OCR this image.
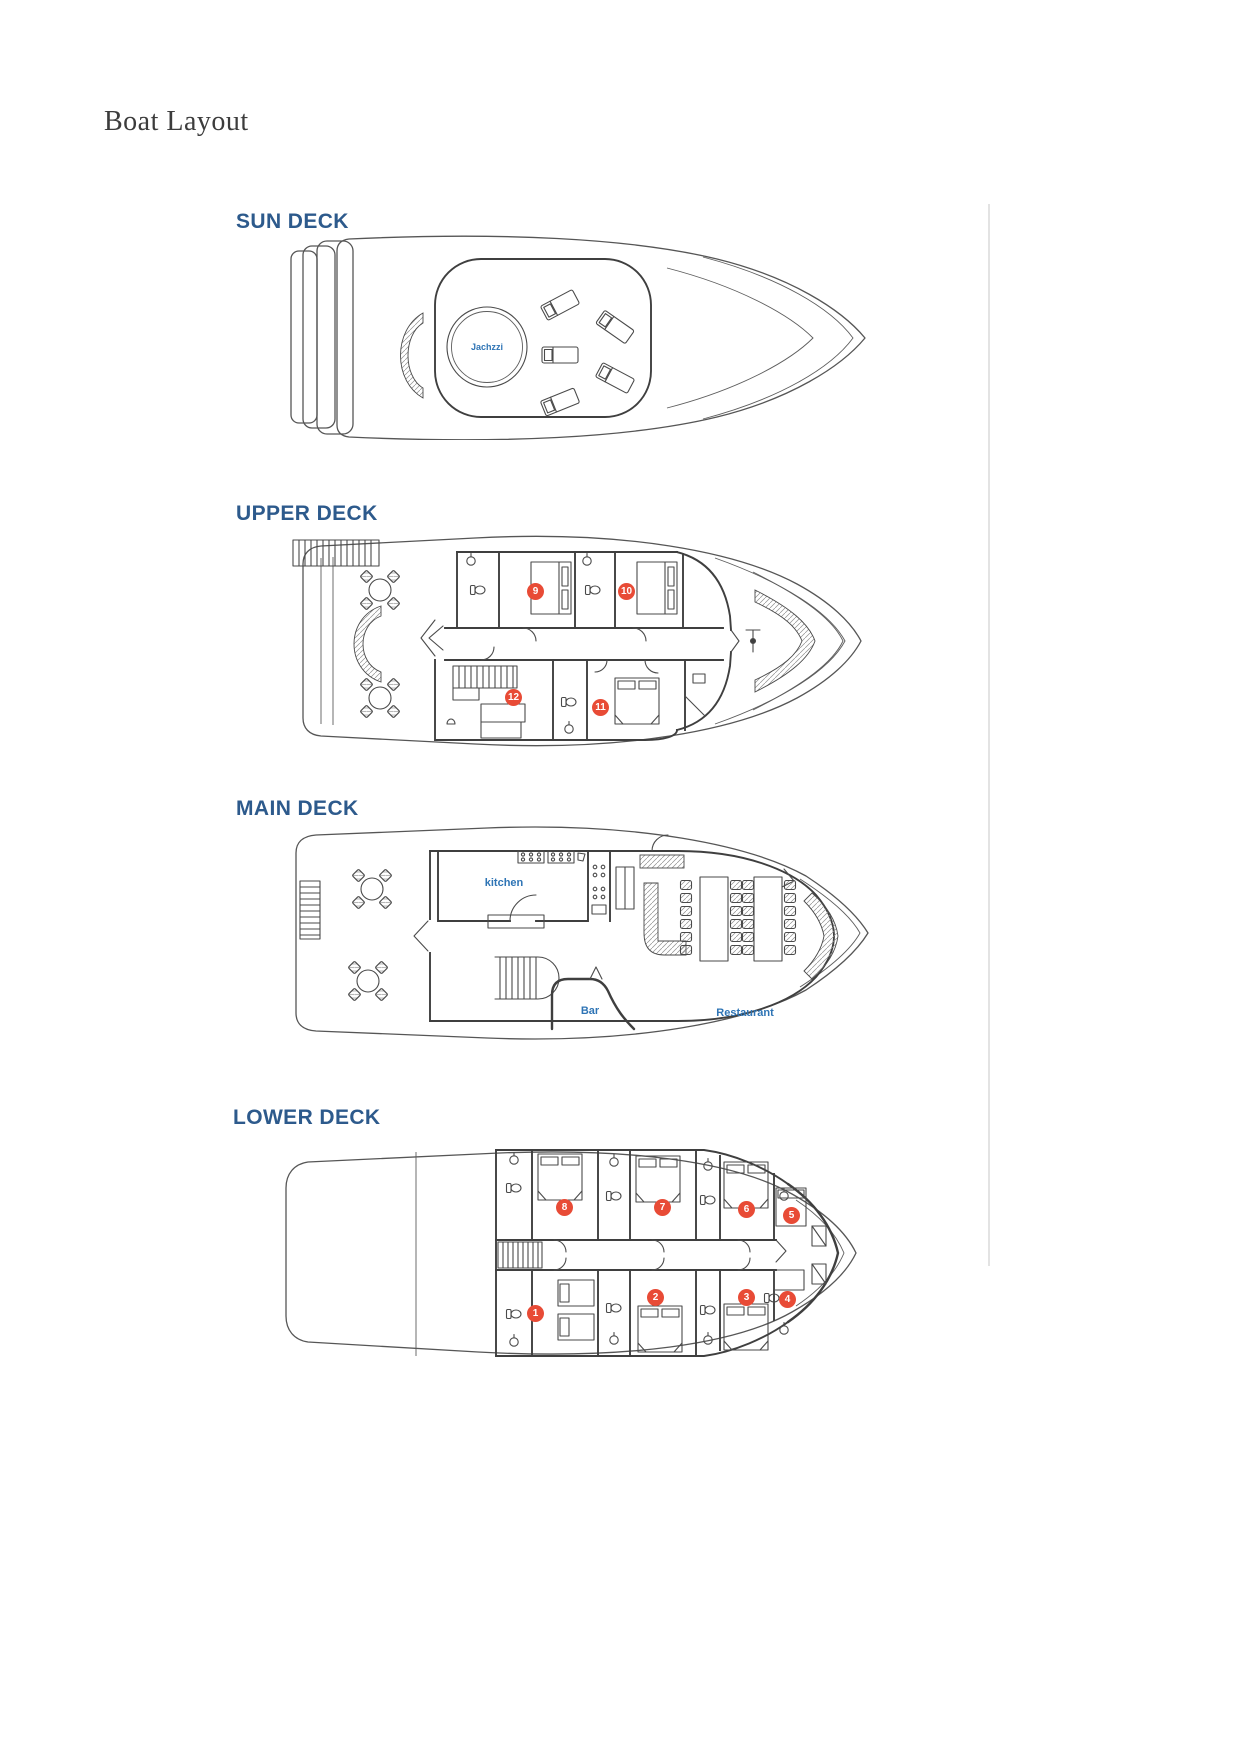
Boat Layout
SUN DECK
Jachzzi
UPPER DECK
9	10
11
12
MAIN DECK
kitchen
Bar	Restaurant
LOWER DECK
8	7	6
5
1
2	3	4
